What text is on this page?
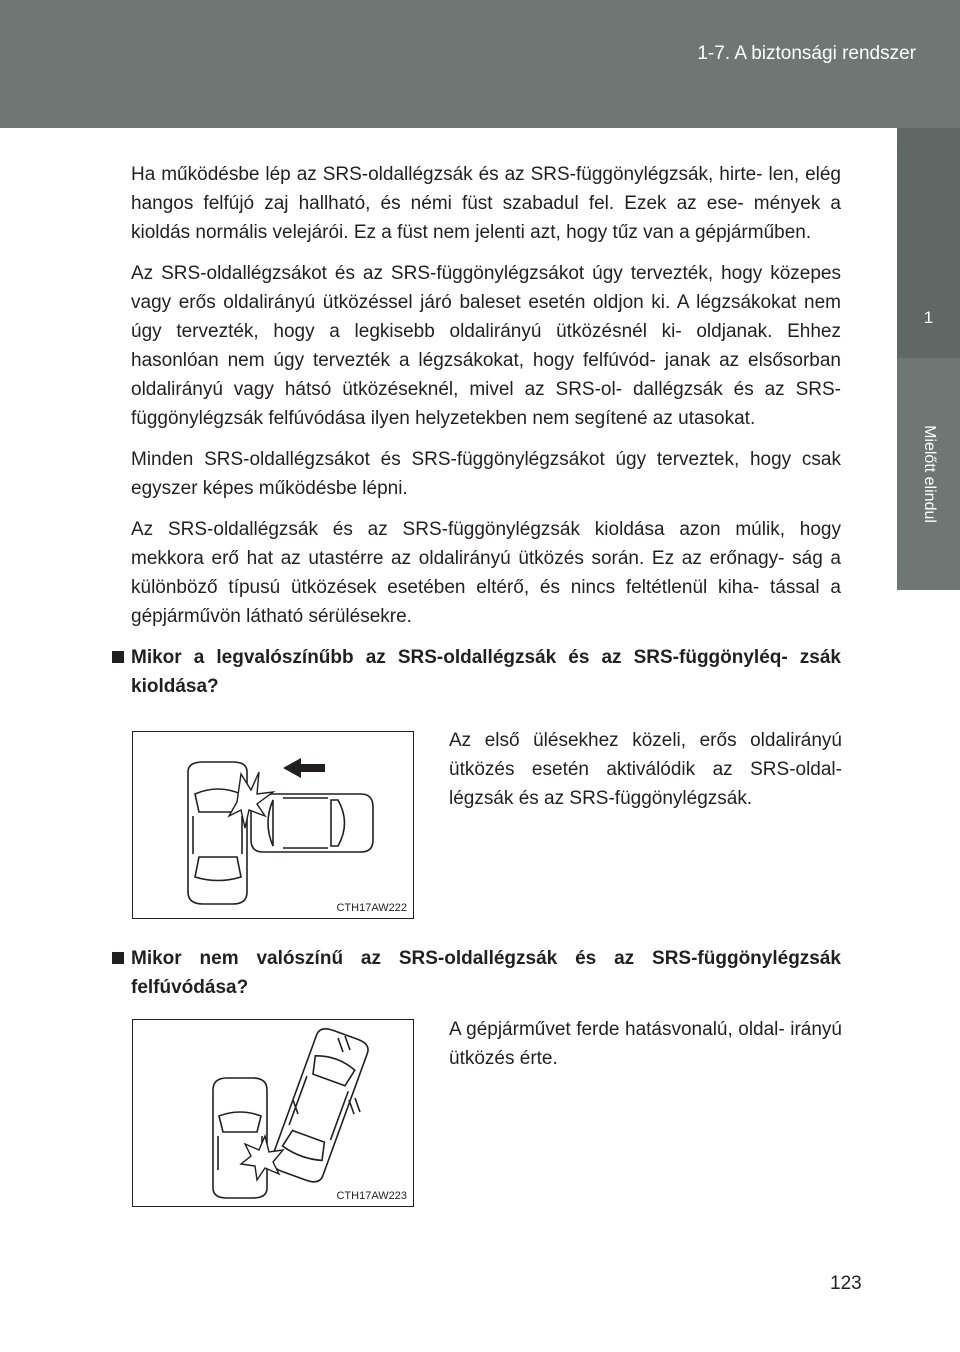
1-7. A biztonsági rendszer
1
Mielőtt elindul

Ha működésbe lép az SRS-oldallégzsák és az SRS-függönylégzsák, hirte- len, elég hangos felfújó zaj hallható, és némi füst szabadul fel. Ezek az ese- mények a kioldás normális velejárói. Ez a füst nem jelenti azt, hogy tűz van a gépjárműben.

Az SRS-oldallégzsákot és az SRS-függönylégzsákot úgy tervezték, hogy közepes vagy erős oldalirányú ütközéssel járó baleset esetén oldjon ki. A légzsákokat nem úgy tervezték, hogy a legkisebb oldalirányú ütközésnél ki- oldjanak. Ehhez hasonlóan nem úgy tervezték a légzsákokat, hogy felfúvód- janak az elsősorban oldalirányú vagy hátsó ütközéseknél, mivel az SRS-ol- dallégzsák és az SRS-függönylégzsák felfúvódása ilyen helyzetekben nem segítené az utasokat.

Minden SRS-oldallégzsákot és SRS-függönylégzsákot úgy terveztek, hogy csak egyszer képes működésbe lépni.

Az SRS-oldallégzsák és az SRS-függönylégzsák kioldása azon múlik, hogy mekkora erő hat az utastérre az oldalirányú ütközés során. Ez az erőnagy- ság a különböző típusú ütközések esetében eltérő, és nincs feltétlenül kiha- tással a gépjárművön látható sérülésekre.

Mikor a legvalószínűbb az SRS-oldallégzsák és az SRS-függönyléq- zsák kioldása?
CTH17AW222
Az első ülésekhez közeli, erős oldalirányú ütközés esetén aktiválódik az SRS-oldal- légzsák és az SRS-függönylégzsák.
Mikor nem valószínű az SRS-oldallégzsák és az SRS-függönylégzsák felfúvódása?
CTH17AW223
A gépjárművet ferde hatásvonalú, oldal- irányú ütközés érte.
123
